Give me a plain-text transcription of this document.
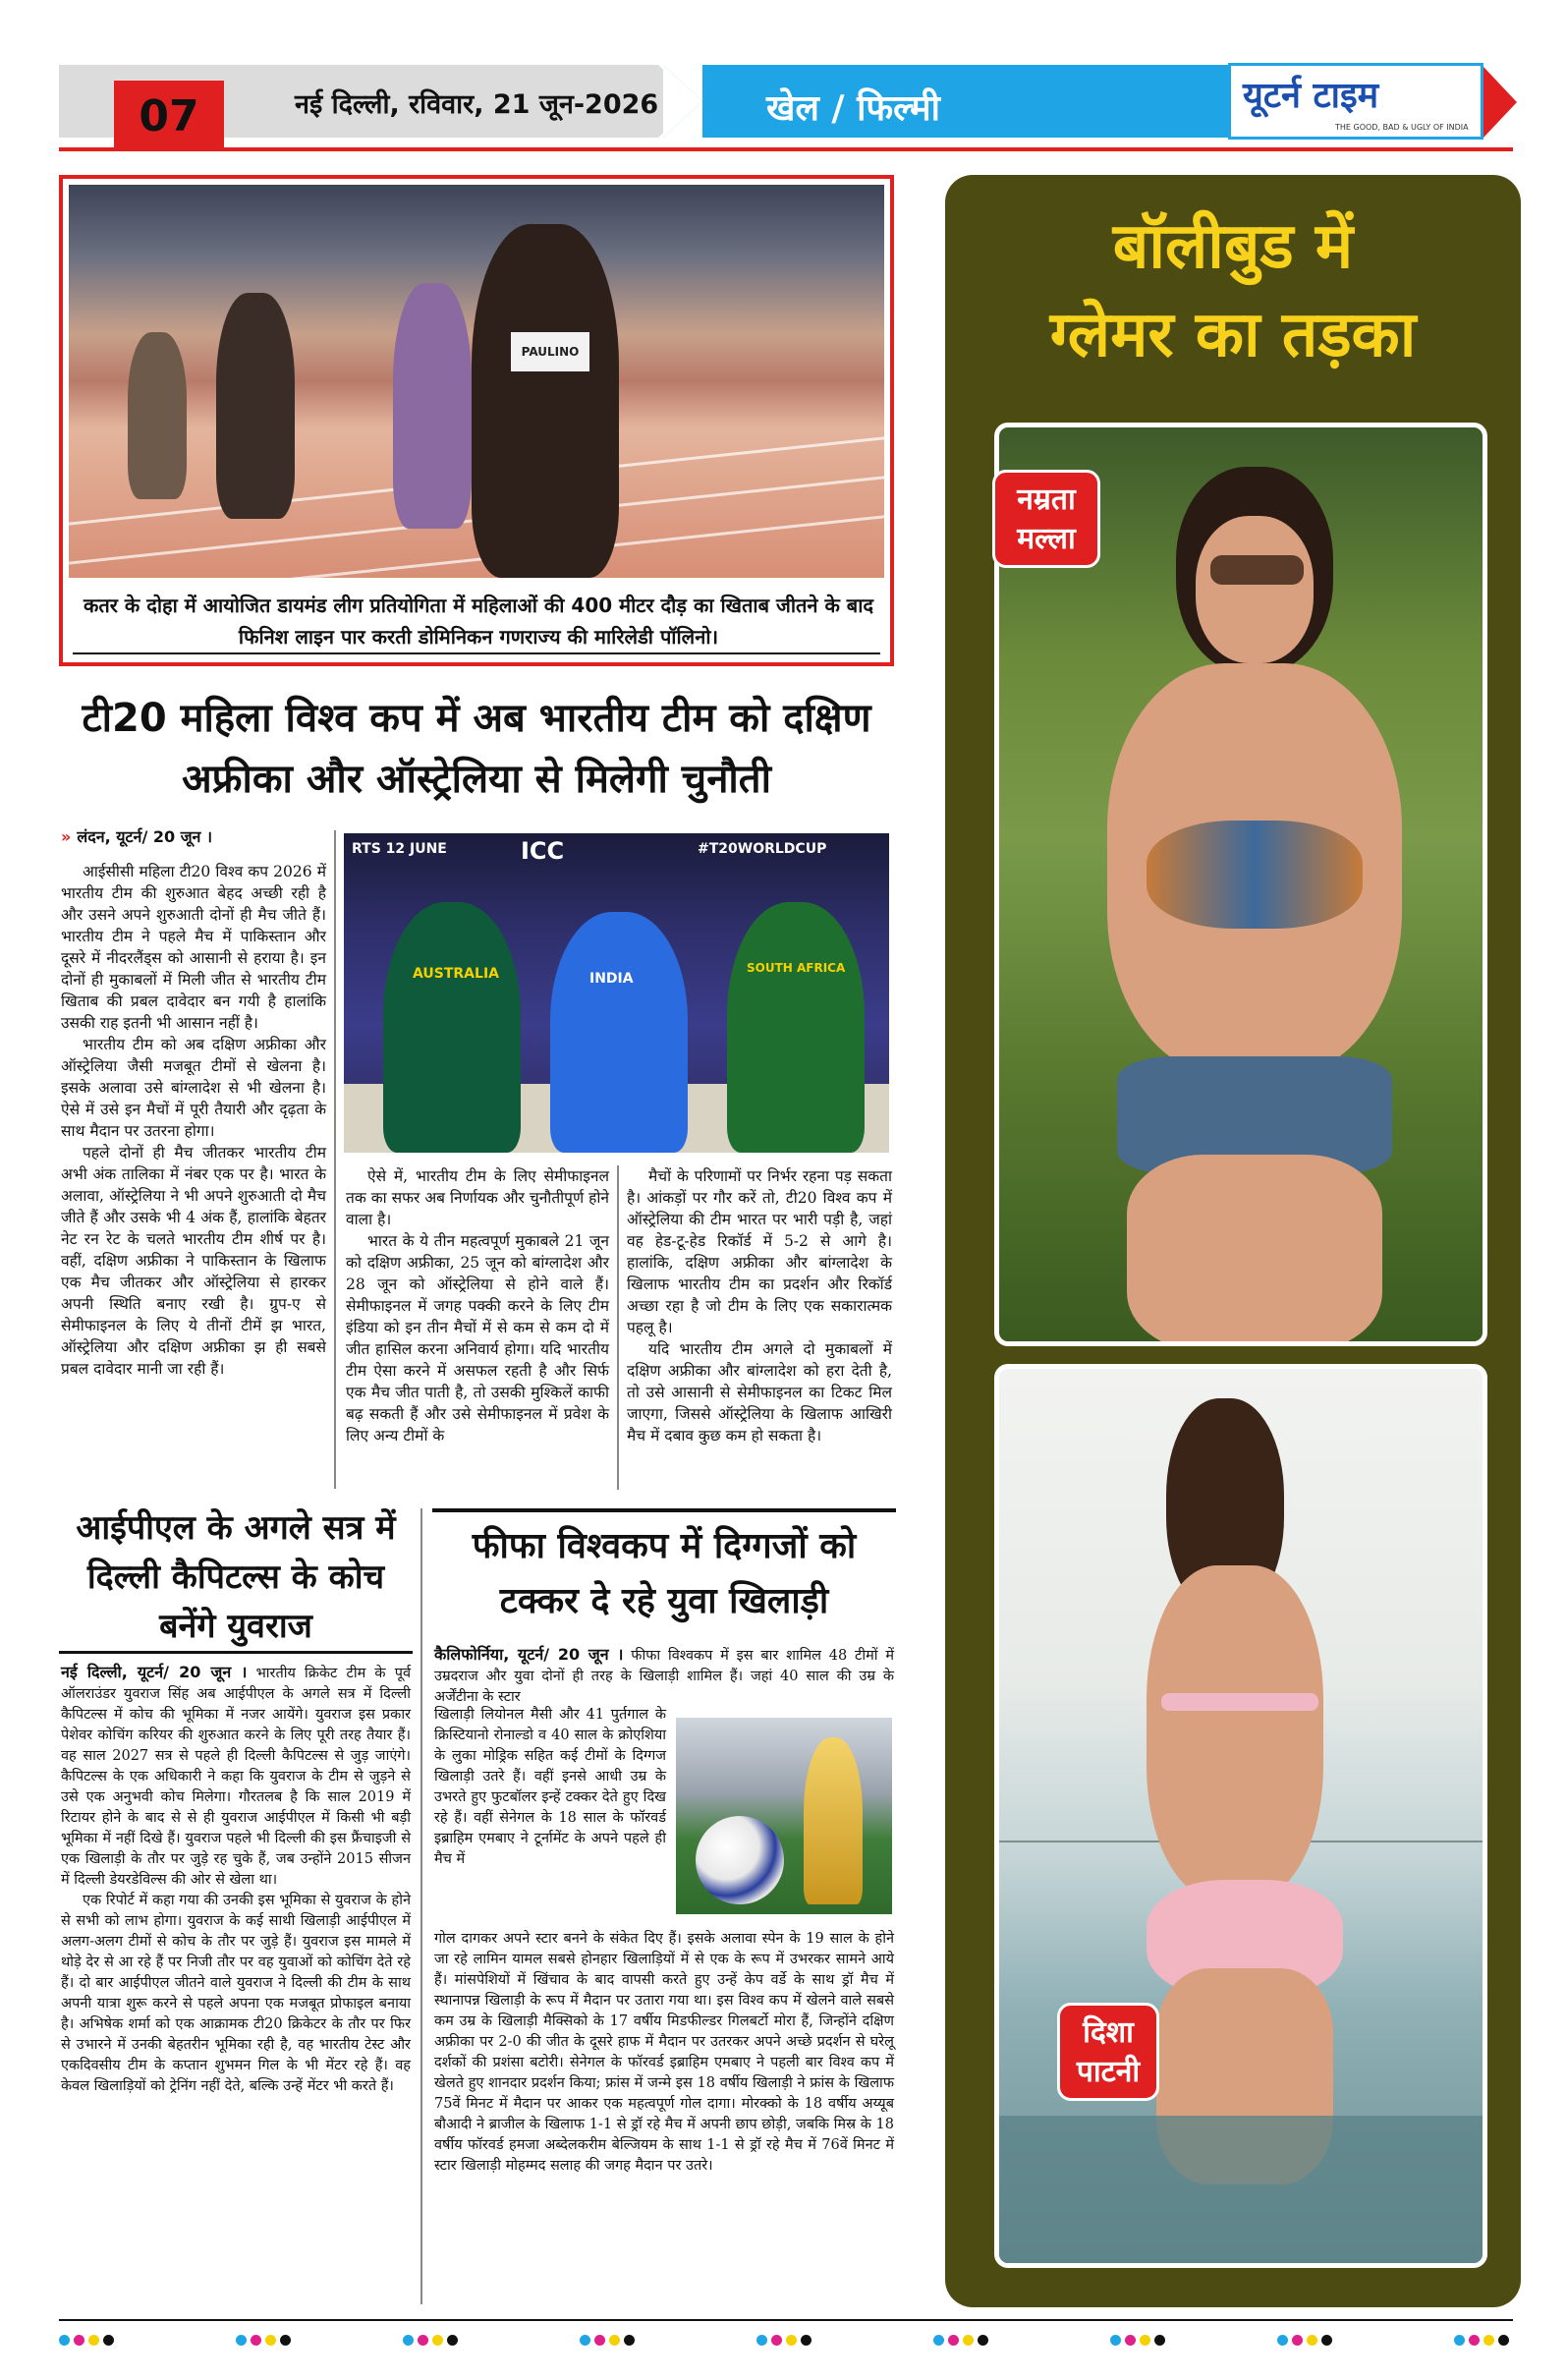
07	नई दिल्ली, रविवार, 21 जून-2026	खेल / फिल्मी	यूटर्न टाइम
THE GOOD, BAD & UGLY OF INDIA
PAULINO
कतर के दोहा में आयोजित डायमंड लीग प्रतियोगिता में महिलाओं की 400 मीटर दौड़ का खिताब जीतने के बाद फिनिश लाइन पार करती डोमिनिकन गणराज्य की मारिलेडी पॉलिनो।
टी20 महिला विश्व कप में अब भारतीय टीम को दक्षिण अफ्रीका और ऑस्ट्रेलिया से मिलेगी चुनौती
» लंदन, यूटर्न/ 20 जून ।

आईसीसी महिला टी20 विश्व कप 2026 में भारतीय टीम की शुरुआत बेहद अच्छी रही है और उसने अपने शुरुआती दोनों ही मैच जीते हैं। भारतीय टीम ने पहले मैच में पाकिस्तान और दूसरे में नीदरलैंड्स को आसानी से हराया है। इन दोनों ही मुकाबलों में मिली जीत से भारतीय टीम खिताब की प्रबल दावेदार बन गयी है हालांकि उसकी राह इतनी भी आसान नहीं है।

भारतीय टीम को अब दक्षिण अफ्रीका और ऑस्ट्रेलिया जैसी मजबूत टीमों से खेलना है। इसके अलावा उसे बांग्लादेश से भी खेलना है। ऐसे में उसे इन मैचों में पूरी तैयारी और दृढ़ता के साथ मैदान पर उतरना होगा।

पहले दोनों ही मैच जीतकर भारतीय टीम अभी अंक तालिका में नंबर एक पर है। भारत के अलावा, ऑस्ट्रेलिया ने भी अपने शुरुआती दो मैच जीते हैं और उसके भी 4 अंक हैं, हालांकि बेहतर नेट रन रेट के चलते भारतीय टीम शीर्ष पर है। वहीं, दक्षिण अफ्रीका ने पाकिस्तान के खिलाफ एक मैच जीतकर और ऑस्ट्रेलिया से हारकर अपनी स्थिति बनाए रखी है। ग्रुप-ए से सेमीफाइनल के लिए ये तीनों टीमें झ भारत, ऑस्ट्रेलिया और दक्षिण अफ्रीका झ ही सबसे प्रबल दावेदार मानी जा रही हैं।

RTS 12 JUNE	ICC	#T20WORLDCUP
AUSTRALIA	INDIA
SOUTH AFRICA

ऐसे में, भारतीय टीम के लिए सेमीफाइनल तक का सफर अब निर्णायक और चुनौतीपूर्ण होने वाला है।

भारत के ये तीन महत्वपूर्ण मुकाबले 21 जून को दक्षिण अफ्रीका, 25 जून को बांग्लादेश और 28 जून को ऑस्ट्रेलिया से होने वाले हैं। सेमीफाइनल में जगह पक्की करने के लिए टीम इंडिया को इन तीन मैचों में से कम से कम दो में जीत हासिल करना अनिवार्य होगा। यदि भारतीय टीम ऐसा करने में असफल रहती है और सिर्फ एक मैच जीत पाती है, तो उसकी मुश्किलें काफी बढ़ सकती हैं और उसे सेमीफाइनल में प्रवेश के लिए अन्य टीमों के

मैचों के परिणामों पर निर्भर रहना पड़ सकता है। आंकड़ों पर गौर करें तो, टी20 विश्व कप में ऑस्ट्रेलिया की टीम भारत पर भारी पड़ी है, जहां वह हेड-टू-हेड रिकॉर्ड में 5-2 से आगे है। हालांकि, दक्षिण अफ्रीका और बांग्लादेश के खिलाफ भारतीय टीम का प्रदर्शन और रिकॉर्ड अच्छा रहा है जो टीम के लिए एक सकारात्मक पहलू है।

यदि भारतीय टीम अगले दो मुकाबलों में दक्षिण अफ्रीका और बांग्लादेश को हरा देती है, तो उसे आसानी से सेमीफाइनल का टिकट मिल जाएगा, जिससे ऑस्ट्रेलिया के खिलाफ आखिरी मैच में दबाव कुछ कम हो सकता है।

आईपीएल के अगले सत्र में दिल्ली कैपिटल्स के कोच बनेंगे युवराज

नई दिल्ली, यूटर्न/ 20 जून । भारतीय क्रिकेट टीम के पूर्व ऑलराउंडर युवराज सिंह अब आईपीएल के अगले सत्र में दिल्ली कैपिटल्स में कोच की भूमिका में नजर आयेंगे। युवराज इस प्रकार पेशेवर कोचिंग करियर की शुरुआत करने के लिए पूरी तरह तैयार हैं। वह साल 2027 सत्र से पहले ही दिल्ली कैपिटल्स से जुड़ जाएंगे। कैपिटल्स के एक अधिकारी ने कहा कि युवराज के टीम से जुड़ने से उसे एक अनुभवी कोच मिलेगा। गौरतलब है कि साल 2019 में रिटायर होने के बाद से से ही युवराज आईपीएल में किसी भी बड़ी भूमिका में नहीं दिखे हैं। युवराज पहले भी दिल्ली की इस फ्रैंचाइजी से एक खिलाड़ी के तौर पर जुड़े रह चुके हैं, जब उन्होंने 2015 सीजन में दिल्ली डेयरडेविल्स की ओर से खेला था।

एक रिपोर्ट में कहा गया की उनकी इस भूमिका से युवराज के होने से सभी को लाभ होगा। युवराज के कई साथी खिलाड़ी आईपीएल में अलग-अलग टीमों से कोच के तौर पर जुड़े हैं। युवराज इस मामले में थोड़े देर से आ रहे हैं पर निजी तौर पर वह युवाओं को कोचिंग देते रहे हैं। दो बार आईपीएल जीतने वाले युवराज ने दिल्ली की टीम के साथ अपनी यात्रा शुरू करने से पहले अपना एक मजबूत प्रोफाइल बनाया है। अभिषेक शर्मा को एक आक्रामक टी20 क्रिकेटर के तौर पर फिर से उभारने में उनकी बेहतरीन भूमिका रही है, वह भारतीय टेस्ट और एकदिवसीय टीम के कप्तान शुभमन गिल के भी मेंटर रहे हैं। वह केवल खिलाड़ियों को ट्रेनिंग नहीं देते, बल्कि उन्हें मेंटर भी करते हैं।

फीफा विश्वकप में दिग्गजों को टक्कर दे रहे युवा खिलाड़ी

कैलिफोर्निया, यूटर्न/ 20 जून । फीफा विश्वकप में इस बार शामिल 48 टीमों में उम्रदराज और युवा दोनों ही तरह के खिलाड़ी शामिल हैं। जहां 40 साल की उम्र के अर्जेंटीना के स्टार

खिलाड़ी लियोनल मैसी और 41 पुर्तगाल के क्रिस्टियानो रोनाल्डो व 40 साल के क्रोएशिया के लुका मोड्रिक सहित कई टीमों के दिग्गज खिलाड़ी उतरे हैं। वहीं इनसे आधी उम्र के उभरते हुए फुटबॉलर इन्हें टक्कर देते हुए दिख रहे हैं। वहीं सेनेगल के 18 साल के फॉरवर्ड इब्राहिम एमबाए ने टूर्नामेंट के अपने पहले ही मैच में

गोल दागकर अपने स्टार बनने के संकेत दिए हैं। इसके अलावा स्पेन के 19 साल के होने जा रहे लामिन यामल सबसे होनहार खिलाड़ियों में से एक के रूप में उभरकर सामने आये हैं। मांसपेशियों में खिंचाव के बाद वापसी करते हुए उन्हें केप वर्डे के साथ ड्रॉ मैच में स्थानापन्न खिलाड़ी के रूप में मैदान पर उतारा गया था। इस विश्व कप में खेलने वाले सबसे कम उम्र के खिलाड़ी मैक्सिको के 17 वर्षीय मिडफील्डर गिलबर्टो मोरा हैं, जिन्होंने दक्षिण अफ्रीका पर 2-0 की जीत के दूसरे हाफ में मैदान पर उतरकर अपने अच्छे प्रदर्शन से घरेलू दर्शकों की प्रशंसा बटोरी। सेनेगल के फॉरवर्ड इब्राहिम एमबाए ने पहली बार विश्व कप में खेलते हुए शानदार प्रदर्शन किया; फ्रांस में जन्मे इस 18 वर्षीय खिलाड़ी ने फ्रांस के खिलाफ 75वें मिनट में मैदान पर आकर एक महत्वपूर्ण गोल दागा। मोरक्को के 18 वर्षीय अय्यूब बौआदी ने ब्राजील के खिलाफ 1-1 से ड्रॉ रहे मैच में अपनी छाप छोड़ी, जबकि मिस्र के 18 वर्षीय फॉरवर्ड हमजा अब्देलकरीम बेल्जियम के साथ 1-1 से ड्रॉ रहे मैच में 76वें मिनट में स्टार खिलाड़ी मोहम्मद सलाह की जगह मैदान पर उतरे।

बॉलीबुड में
ग्लेमर का तड़का
नम्रता मल्ला
दिशा पाटनी
